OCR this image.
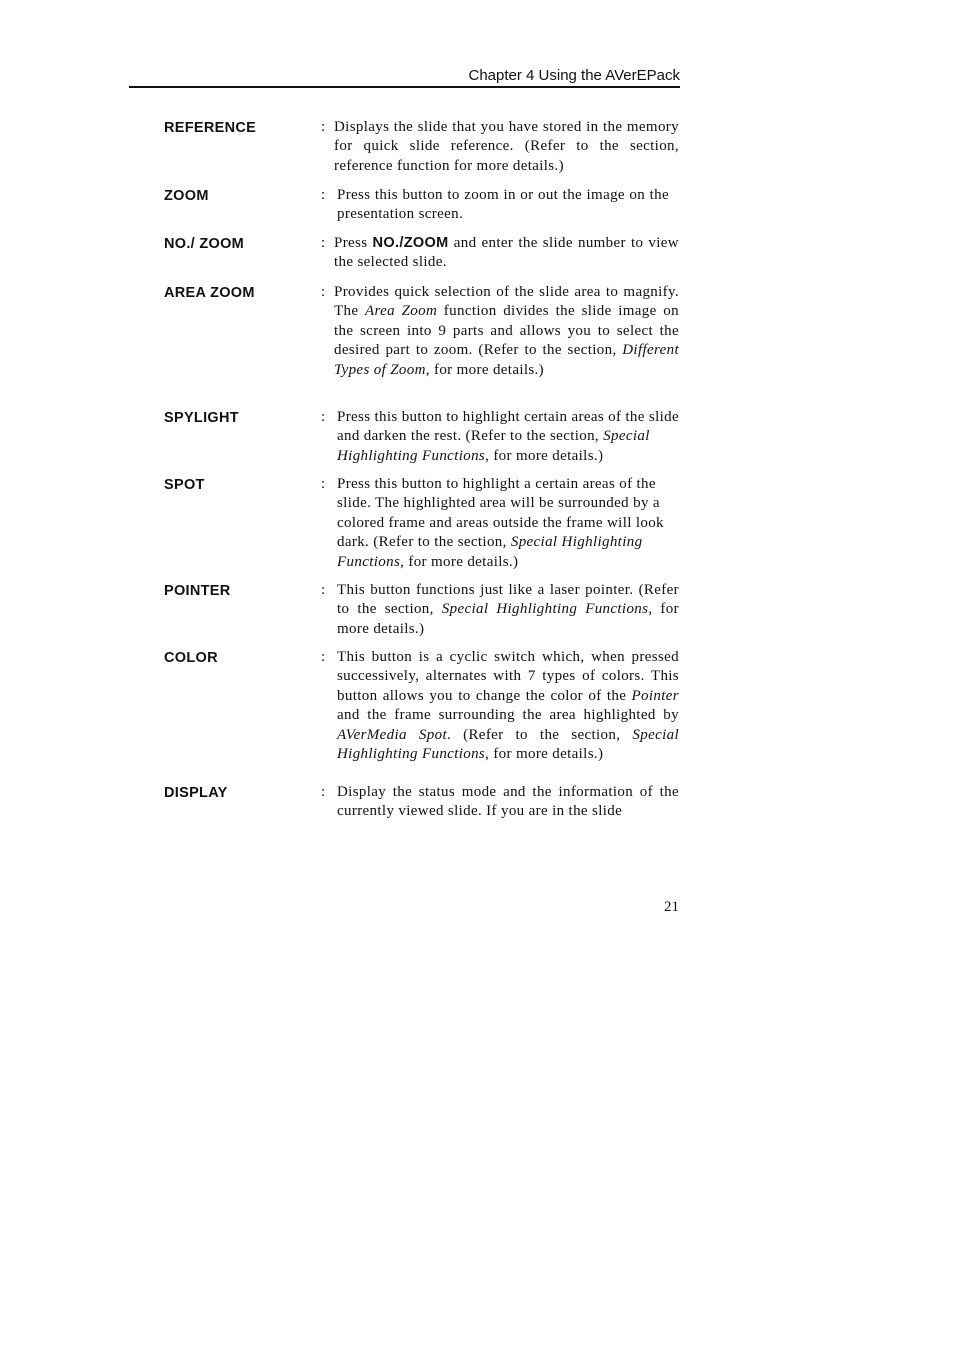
Chapter 4 Using the AVerEPack
REFERENCE	: Displays the slide that you have stored in the memory for quick slide reference. (Refer to the section, reference function for more details.)
ZOOM	: Press this button to zoom in or out the image on the presentation screen.
NO./ ZOOM	: Press NO./ZOOM and enter the slide number to view the selected slide.
AREA ZOOM	: Provides quick selection of the slide area to magnify. The Area Zoom function divides the slide image on the screen into 9 parts and allows you to select the desired part to zoom. (Refer to the section, Different Types of Zoom, for more details.)
SPYLIGHT	: Press this button to highlight certain areas of the slide and darken the rest. (Refer to the section, Special Highlighting Functions, for more details.)
SPOT	: Press this button to highlight a certain areas of the slide. The highlighted area will be surrounded by a colored frame and areas outside the frame will look dark. (Refer to the section, Special Highlighting Functions, for more details.)
POINTER	: This button functions just like a laser pointer. (Refer to the section, Special Highlighting Functions, for more details.)
COLOR	: This button is a cyclic switch which, when pressed successively, alternates with 7 types of colors. This button allows you to change the color of the Pointer and the frame surrounding the area highlighted by AVerMedia Spot. (Refer to the section, Special Highlighting Functions, for more details.)
DISPLAY	: Display the status mode and the information of the currently viewed slide. If you are in the slide
21
